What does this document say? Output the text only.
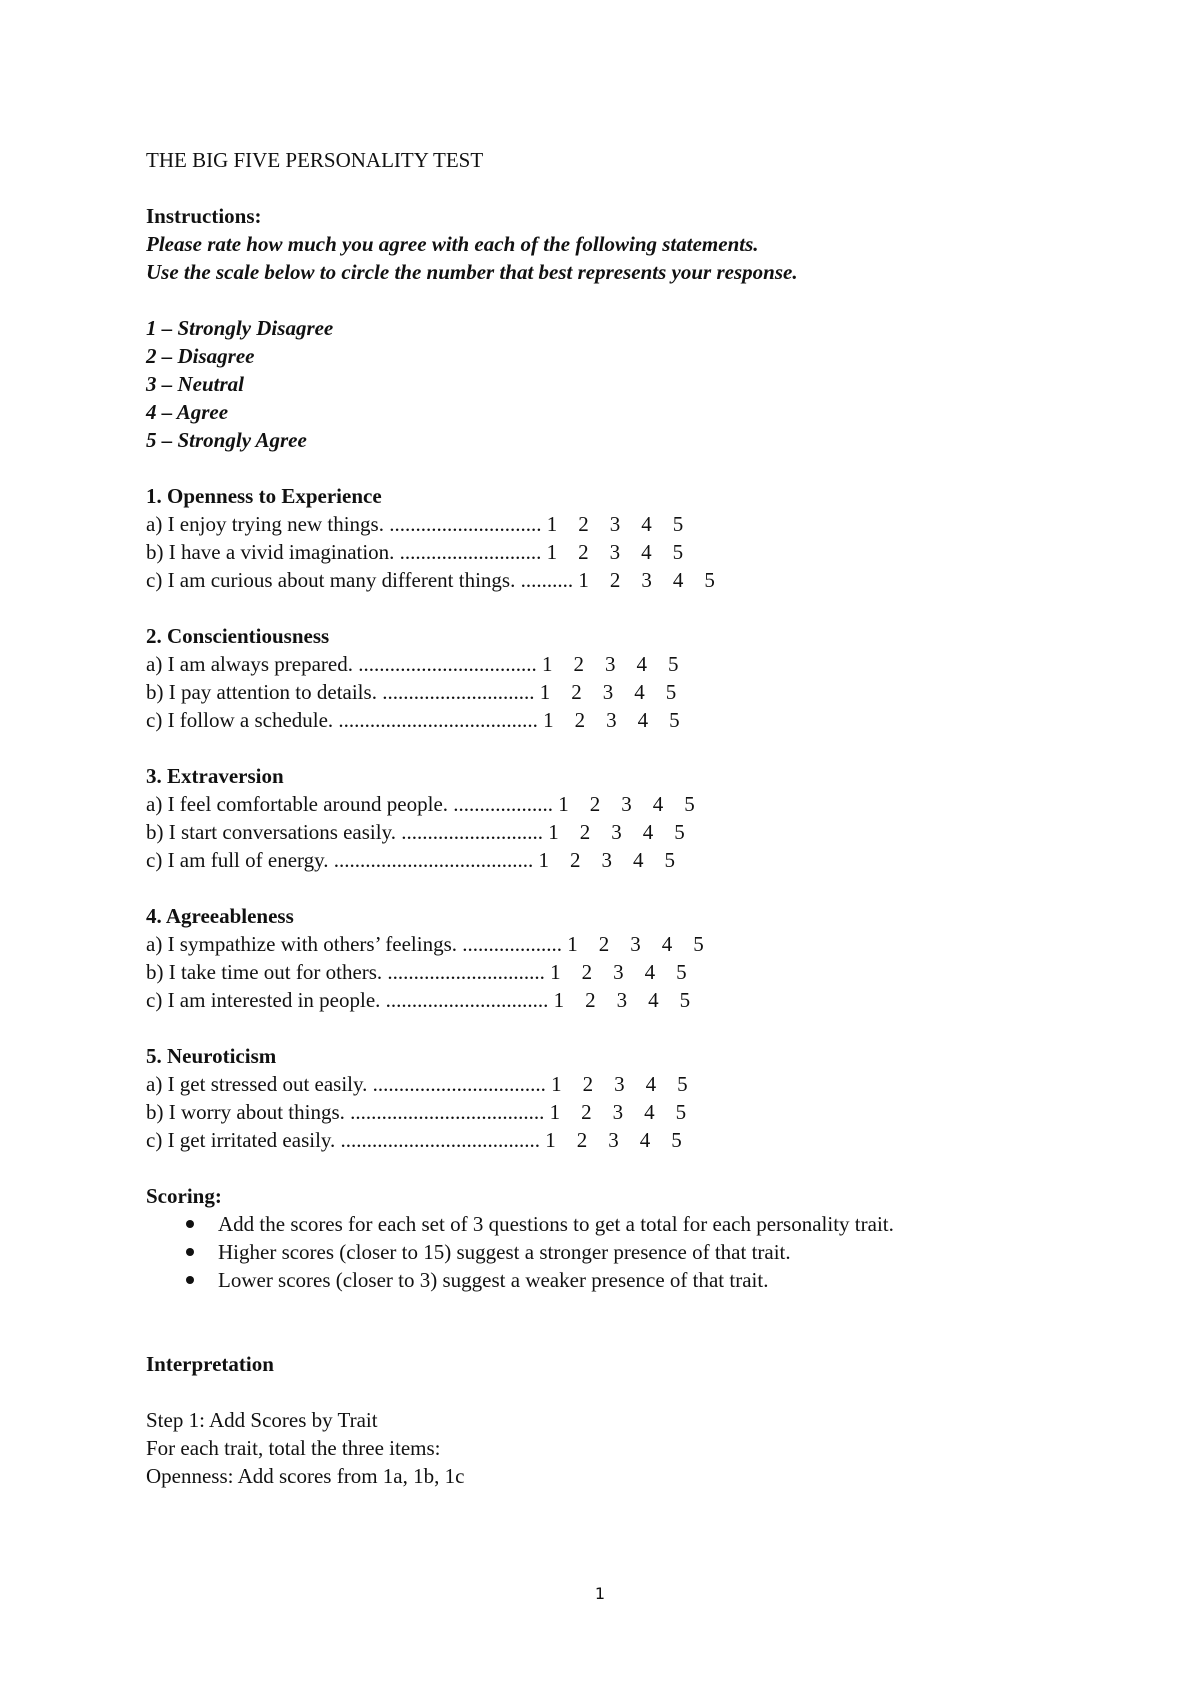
THE BIG FIVE PERSONALITY TEST
Instructions:
Please rate how much you agree with each of the following statements.
Use the scale below to circle the number that best represents your response.
1 – Strongly Disagree
2 – Disagree
3 – Neutral
4 – Agree
5 – Strongly Agree
1. Openness to Experience
a) I enjoy trying new things. ............................. 1    2    3    4    5
b) I have a vivid imagination. ........................... 1    2    3    4    5
c) I am curious about many different things. .......... 1    2    3    4    5
2. Conscientiousness
a) I am always prepared. .................................. 1    2    3    4    5
b) I pay attention to details. ............................. 1    2    3    4    5
c) I follow a schedule. ...................................... 1    2    3    4    5
3. Extraversion
a) I feel comfortable around people. ................... 1    2    3    4    5
b) I start conversations easily. ........................... 1    2    3    4    5
c) I am full of energy. ...................................... 1    2    3    4    5
4. Agreeableness
a) I sympathize with others’ feelings. ................... 1    2    3    4    5
b) I take time out for others. .............................. 1    2    3    4    5
c) I am interested in people. ............................... 1    2    3    4    5
5. Neuroticism
a) I get stressed out easily. ................................. 1    2    3    4    5
b) I worry about things. ..................................... 1    2    3    4    5
c) I get irritated easily. ...................................... 1    2    3    4    5
Scoring:
Add the scores for each set of 3 questions to get a total for each personality trait.
Higher scores (closer to 15) suggest a stronger presence of that trait.
Lower scores (closer to 3) suggest a weaker presence of that trait.
Interpretation
Step 1: Add Scores by Trait
For each trait, total the three items:
Openness: Add scores from 1a, 1b, 1c
1
